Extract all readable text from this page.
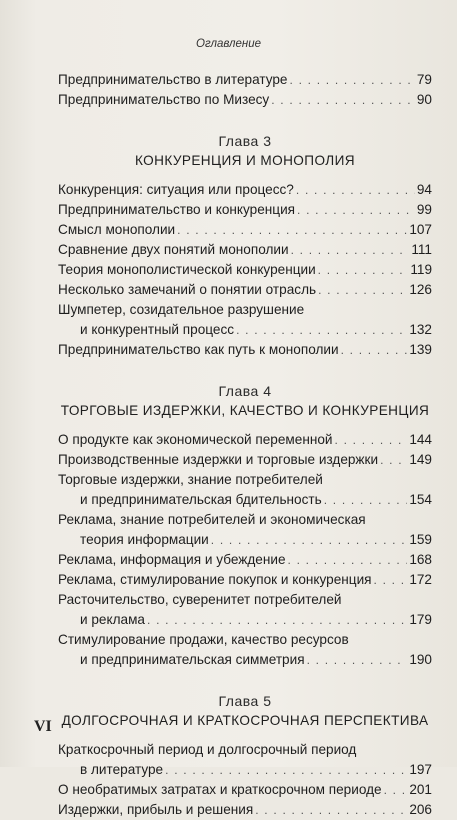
Оглавление
Предпринимательство в литературе . . .	79
Предпринимательство по Мизесу . . .	90
Глава 3
КОНКУРЕНЦИЯ И МОНОПОЛИЯ
Конкуренция: ситуация или процесс? . . .	94
Предпринимательство и конкуренция . . .	99
Смысл монополии . . .	107
Сравнение двух понятий монополии . . .	111
Теория монополистической конкуренции . . .	119
Несколько замечаний о понятии отрасль . . .	126
Шумпетер, созидательное разрушение
и конкурентный процесс . . .	132
Предпринимательство как путь к монополии . . .	139
Глава 4
ТОРГОВЫЕ ИЗДЕРЖКИ, КАЧЕСТВО И КОНКУРЕНЦИЯ
О продукте как экономической переменной . . .	144
Производственные издержки и торговые издержки . . . 149
Торговые издержки, знание потребителей
и предпринимательская бдительность . . .	154
Реклама, знание потребителей и экономическая
теория информации . . .	159
Реклама, информация и убеждение . . .	168
Реклама, стимулирование покупок и конкуренция . . .	172
Расточительство, суверенитет потребителей
и реклама . . .	179
Стимулирование продажи, качество ресурсов
и предпринимательская симметрия . . .	190
Глава 5
ДОЛГОСРОЧНАЯ И КРАТКОСРОЧНАЯ ПЕРСПЕКТИВА
Краткосрочный период и долгосрочный период
в литературе . . .	197
О необратимых затратах и краткосрочном периоде . . . 201
Издержки, прибыль и решения . . .	206
VI
